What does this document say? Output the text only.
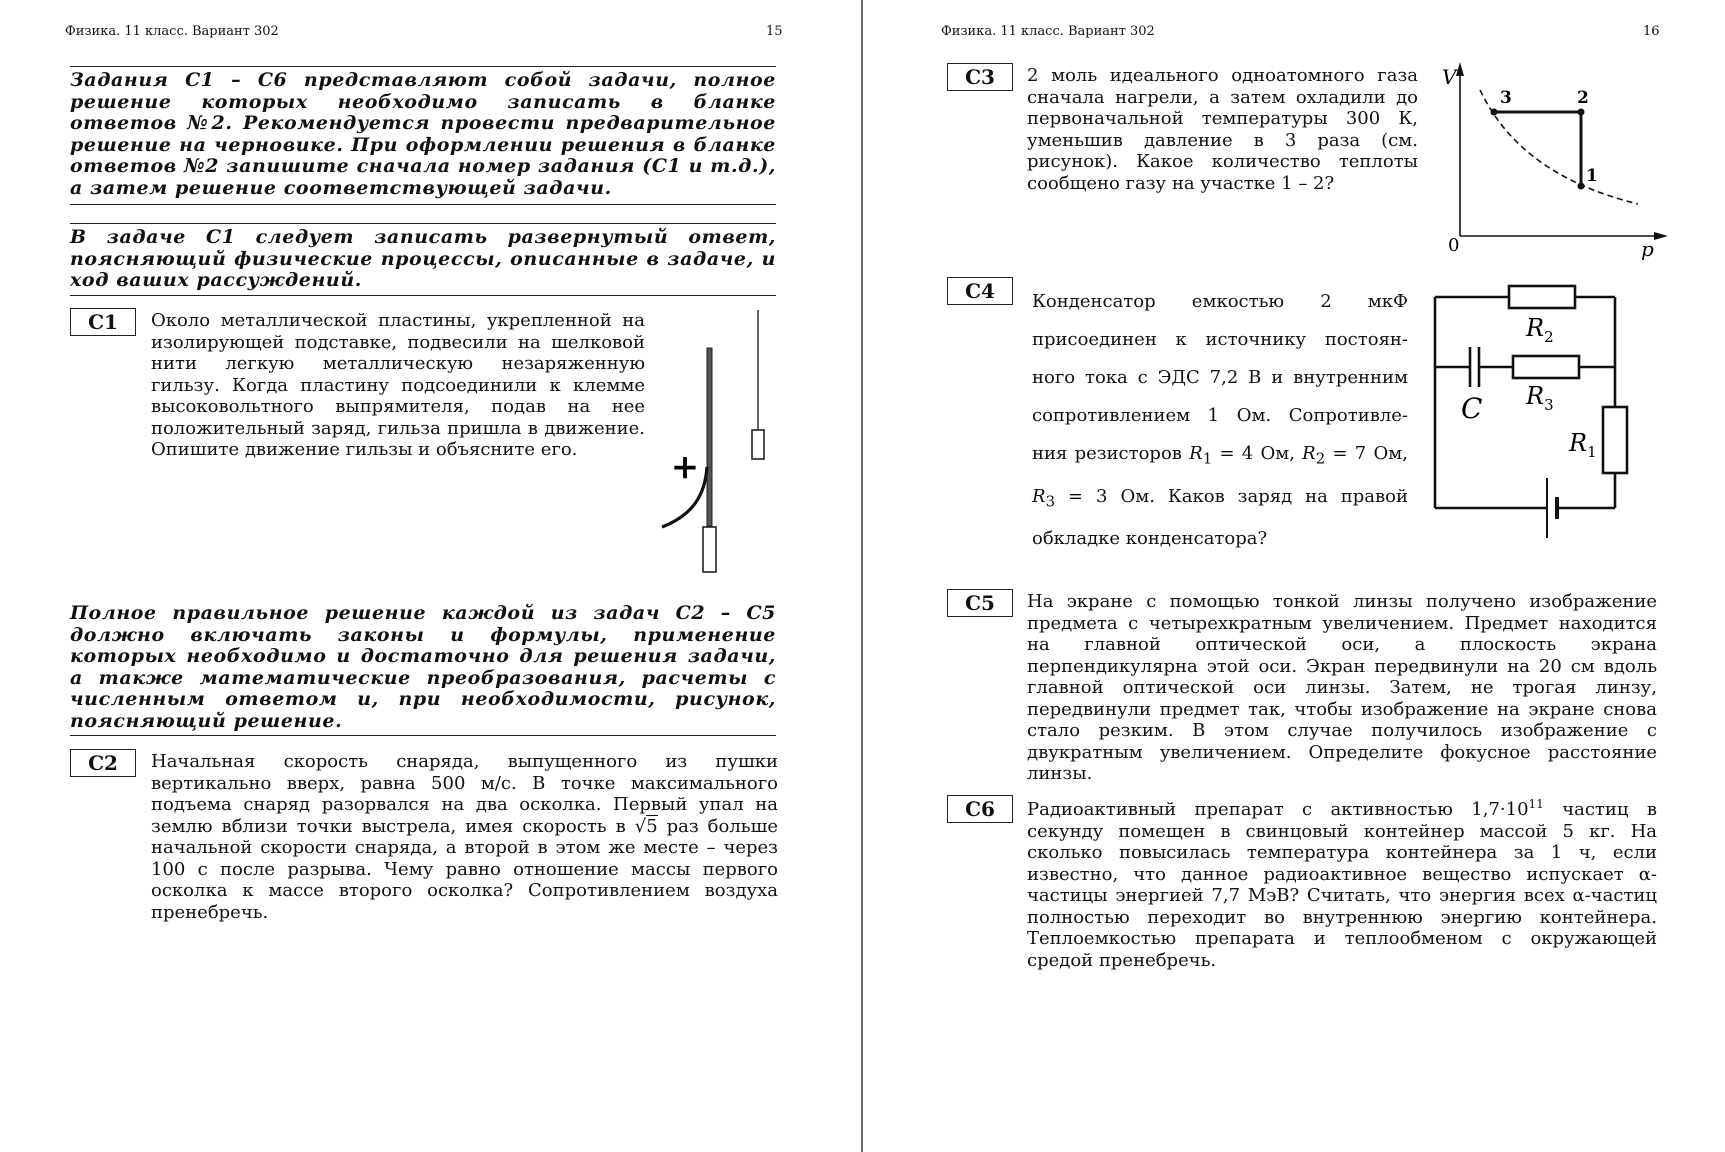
Физика. 11 класс. Вариант 302	15
Задания С1 – С6 представляют собой задачи, полное решение которых необходимо записать в бланке ответов №2. Рекомендуется провести предварительное решение на черновике. При оформлении решения в бланке ответов №2 запишите сначала номер задания (С1 и т.д.), а затем решение соответствующей задачи.
В задаче С1 следует записать развернутый ответ, поясняющий физические процессы, описанные в задаче, и ход ваших рассуждений.
С1	Около металлической пластины, укрепленной на изолирующей подставке, подвесили на шелковой нити легкую металлическую незаряженную гильзу. Когда пластину подсоединили к клемме высоковольтного выпрямителя, подав на нее положительный заряд, гильза пришла в движение. Опишите движение гильзы и объясните его.	+
Полное правильное решение каждой из задач С2 – С5 должно включать законы и формулы, применение которых необходимо и достаточно для решения задачи, а также математические преобразования, расчеты с численным ответом и, при необходимости, рисунок, поясняющий решение.
С2	Начальная скорость снаряда, выпущенного из пушки вертикально вверх, равна 500 м/с. В точке максимального подъема снаряд разорвался на два осколка. Первый упал на землю вблизи точки выстрела, имея скорость в √5 раз больше начальной скорости снаряда, а второй в этом же месте – через 100 с после разрыва. Чему равно отношение массы первого осколка к массе второго осколка? Сопротивлением воздуха пренебречь.
Физика. 11 класс. Вариант 302	16
С3	2 моль идеального одноатомного газа сначала нагрели, а затем охладили до первоначальной температуры 300 К, уменьшив давление в 3 раза (см. рисунок). Какое количество теплоты сообщено газу на участке 1 – 2?
V
p
0
1
2
3
С4	Конденсатор емкостью 2 мкФ присоединен к источнику постоян- ного тока с ЭДС 7,2 В и внутренним сопротивлением 1 Ом. Сопротивле- ния резисторов $R_1 = 4$ Ом, $R_2 = 7$ Ом, $R_3 = 3$ Ом. Каков заряд на правой обкладке конденсатора?
C
$R_2$
$R_3$
$R_1$
С5	На экране с помощью тонкой линзы получено изображение предмета с четырехкратным увеличением. Предмет находится на главной оптической оси, а плоскость экрана перпендикулярна этой оси. Экран передвинули на 20 см вдоль главной оптической оси линзы. Затем, не трогая линзу, передвинули предмет так, чтобы изображение на экране снова стало резким. В этом случае получилось изображение с двукратным увеличением. Определите фокусное расстояние линзы.
С6	Радиоактивный препарат с активностью $1,7\cdot 10^{11}$ частиц в секунду помещен в свинцовый контейнер массой 5 кг. На сколько повысилась температура контейнера за 1 ч, если известно, что данное радиоактивное вещество испускает α-частицы энергией 7,7 МэВ? Считать, что энергия всех α-частиц полностью переходит во внутреннюю энергию контейнера. Теплоемкостью препарата и теплообменом с окружающей средой пренебречь.
